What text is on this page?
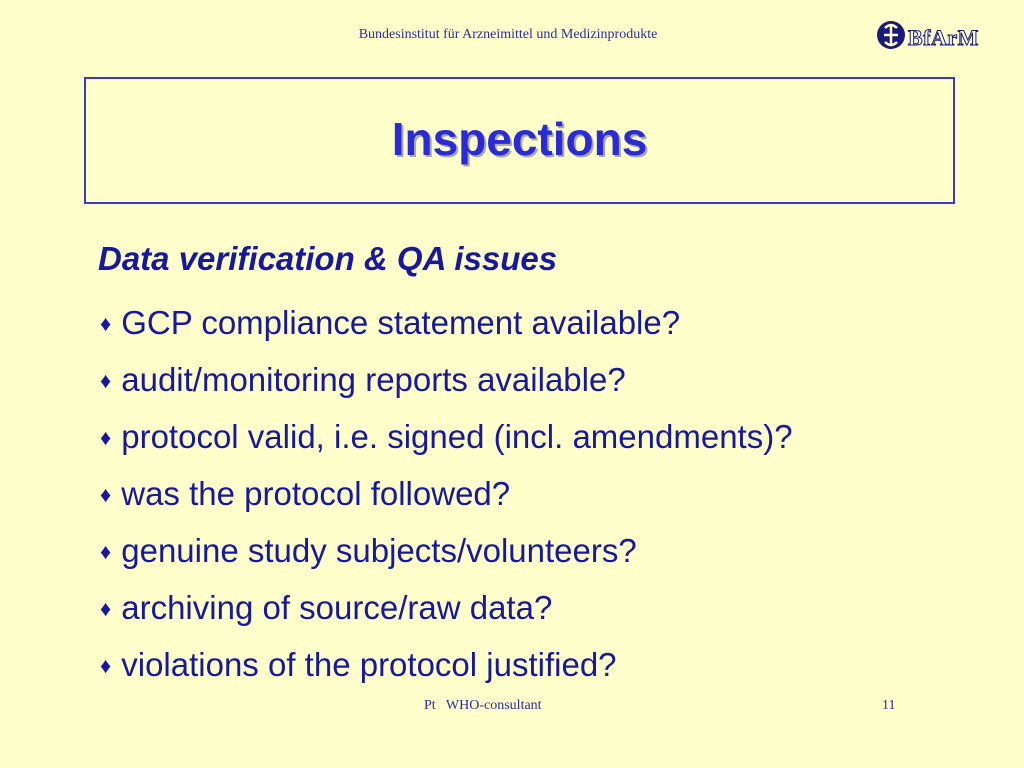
Bundesinstitut für Arzneimittel und Medizinprodukte	BfArM
Inspections
Data verification & QA issues
♦ GCP compliance statement available?
♦ audit/monitoring reports available?
♦ protocol valid, i.e. signed (incl. amendments)?
♦ was the protocol followed?
♦ genuine study subjects/volunteers?
♦ archiving of source/raw data?
♦ violations of the protocol justified?
Pt   WHO-consultant	11
